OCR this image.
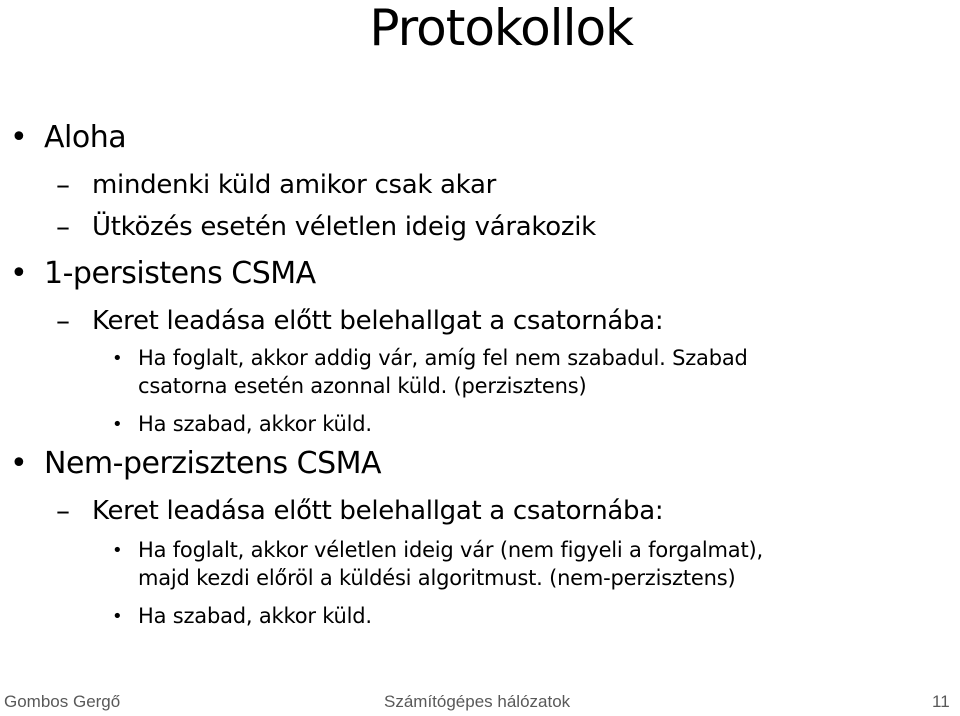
Protokollok
• Aloha
– mindenki küld amikor csak akar
– Ütközés esetén véletlen ideig várakozik
• 1-persistens CSMA
– Keret leadása előtt belehallgat a csatornába:
• Ha foglalt, akkor addig vár, amíg fel nem szabadul. Szabad
csatorna esetén azonnal küld. (perzisztens)
• Ha szabad, akkor küld.
• Nem-perzisztens CSMA
– Keret leadása előtt belehallgat a csatornába:
• Ha foglalt, akkor véletlen ideig vár (nem figyeli a forgalmat),
majd kezdi előröl a küldési algoritmust. (nem-perzisztens)
• Ha szabad, akkor küld.
Gombos Gergő	Számítógépes hálózatok	11
